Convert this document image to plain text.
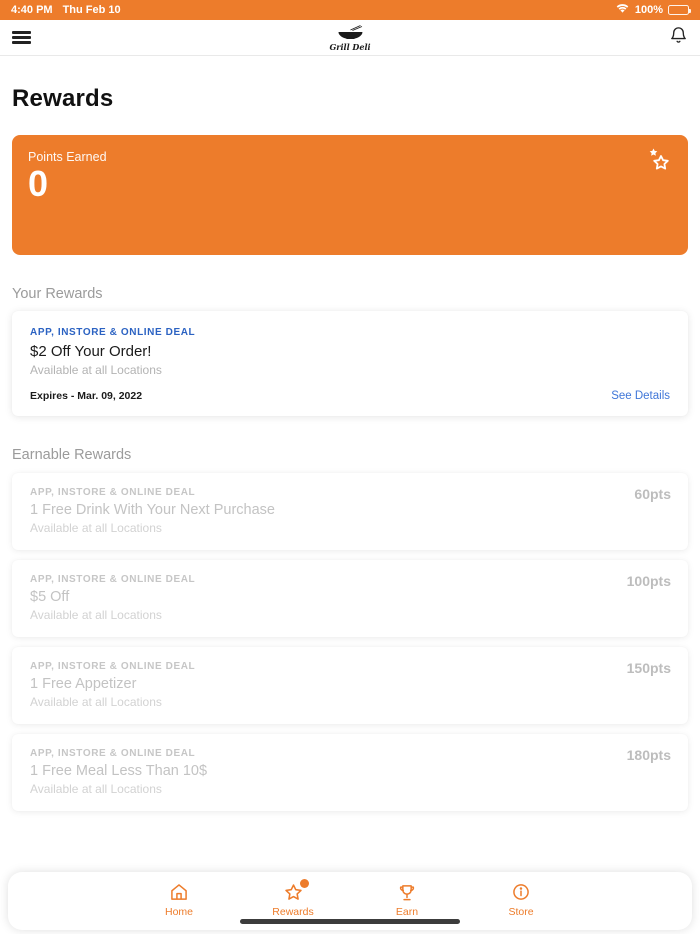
4:40 PM Thu Feb 10	100%
Grill Deli
Rewards
Points Earned
0
Your Rewards
APP, INSTORE & ONLINE DEAL
$2 Off Your Order!
Available at all Locations
Expires - Mar. 09, 2022	See Details
Earnable Rewards
APP, INSTORE & ONLINE DEAL
1 Free Drink With Your Next Purchase
Available at all Locations
60pts
APP, INSTORE & ONLINE DEAL
$5 Off
Available at all Locations
100pts
APP, INSTORE & ONLINE DEAL
1 Free Appetizer
Available at all Locations
150pts
APP, INSTORE & ONLINE DEAL
1 Free Meal Less Than 10$
Available at all Locations
180pts
Home	Rewards	Earn	Store
